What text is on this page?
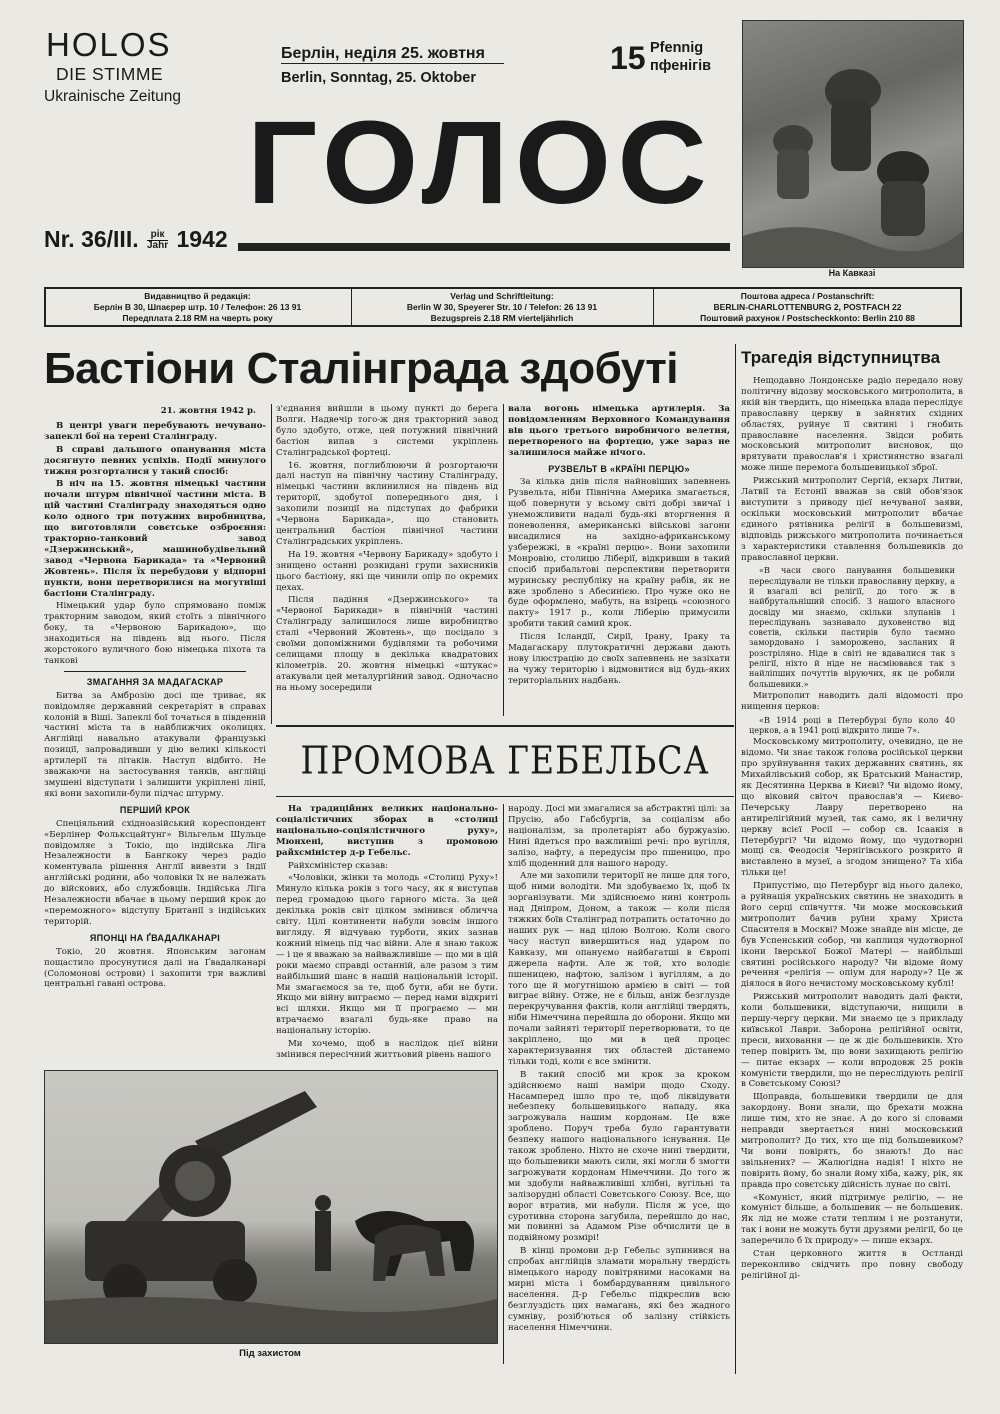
HOLOS
DIE STIMME
Ukrainische Zeitung
Берлін, неділя 25. жовтня
Berlin, Sonntag, 25. Oktober
15 Pfennig
пфенігів
ГОЛОС
Nr. 36/III.	рік
Jahr 1942
На Кавказі
Видавництво й редакція:
Берлін В 30, Шпаєрер штр. 10 / Телефон: 26 13 91
Передплата 2.18 RM на чверть року
Verlag und Schriftleitung:
Berlin W 30, Speyerer Str. 10 / Telefon: 26 13 91
Bezugspreis 2.18 RM vierteljährlich
Поштова адреса / Postanschrift:
BERLIN-CHARLOTTENBURG 2, POSTFACH 22
Поштовий рахунок / Postscheckkonto: Berlin 210 88
Бастіони Сталінграда здобуті
21. жовтня 1942 р.

В центрі уваги перебувають нечувано-запеклі бої на терені Сталінграду.

В справі дальшого опанування міста досягнуто певних успіхів. Події минулого тижня розгорталися у такий спосіб:

В ніч на 15. жовтня німецькі частини почали штурм північної частини міста. В цій частині Сталінграду знаходяться одно коло одного три потужних виробництва, що виготовляли совєтське озброєння: тракторно-танковий завод «Дзержинський», машинобудівельний завод «Червона Барикада» та «Червоний Жовтень». Після їх перебудови у відпорні пункти, вони перетворилися на могутніші бастіони Сталінграду.

Німецький удар було спрямовано поміж тракторним заводом, який стоїть з північного боку, та «Червоною Барикадою», що знаходиться на південь від нього. Після жорстокого вуличного бою німецька піхота та танкові

ЗМАГАННЯ ЗА МАДАГАСКАР

Битва за Амброзію досі ще триває, як повідомляє державний секретаріят в справах колоній в Віші. Запеклі бої точаться в південній частині міста та в найближчих околицях. Англійці навально атакували французькі позиції, запровадивши у дію великі кількості артилерії та літаків. Наступ відбито. Не зважаючи на застосування танків, англійці змушені відступати і залишити укріплені лінії, які вони захопили-були підчас штурму.

ПЕРШИЙ КРОК

Спеціяльний східноазійський кореспондент «Берлінер Фольксцайтунг» Вільгельм Шульце повідомляє з Токіо, що індійська Ліга Незалежности в Бангкоку через радіо коментувала рішення Англії вивезти з Індії англійські родини, або чоловіки їх не належать до війскових, або службовців. Індійська Ліга Незалежности вбачає в цьому перший крок до «переможного» відступу Британії з індійських територій.

ЯПОНЦІ НА ҐВАДАЛКАНАРІ

Токіо, 20 жовтня. Японським загонам пощастило просунутися далі на Ґвадалканарі (Соломонові острови) і захопити три важливі центральні гавані острова.

з'єднання вийшли в цьому пункті до берега Волги. Надвечір того-ж дня тракторний завод було здобуто, отже, цей потужний північний бастіон випав з системи укріплень Сталінградської фортеці.

16. жовтня, поглиблюючи й розгортаючи далі наступ на північну частину Сталінграду, німецькі частини вклинилися на південь від території, здобутої попереднього дня, і захопили позиції на підступах до фабрики «Червона Барикада», що становить центральний бастіон північної частини Сталінградських укріплень.

На 19. жовтня «Червону Барикаду» здобуто і знищено останні розкидані групи захисників цього бастіону, які ще чинили опір по окремих цехах.

Після падіння «Дзержинського» та «Червоної Барикади» в північній частині Сталінграду залишилося лише виробництво сталі «Червоний Жовтень», що посідало з своїми допоміжними будівлями та робочими селищами площу в декілька квадратових кілометрів. 20. жовтня німецькі «штукас» атакували цей металургійний завод. Одночасно на ньому зосередили

вала вогонь німецька артилерія. За повідомленням Верховного Командування вів цього третього виробничого велетня, перетвореного на фортецю, уже зараз не залишилося майже нічого.

РУЗВЕЛЬТ В «КРАЇНІ ПЕРЦЮ»

За кілька днів після найновіших запевнень Рузвельта, ніби Північна Америка змагається, щоб повернути у всьому світі добрі звичаї і унеможливити надалі будь-які вторгнення й поневолення, американські військові загони висадилися на західно-африканському узбережжі, в «країні перцю». Вони захопили Монровію, столицю Ліберії, відкривши в такий спосіб прибальтові перспективи перетворити муринську республіку на країну рабів, як не вже зроблено з Абесинією. Про чуже око не буде оформлено, мабуть, на взірець «союзного пакту» 1917 р., коли Ліберію примусили зробити такий самий крок.

Після Ісландії, Сирії, Ірану, Іраку та Мадагаскару плутократичні держави дають нову ілюстрацію до своїх запевнень не зазіхати на чужу територію і відмовитися від будь-яких територіальних надбань.

ПРОМОВА ГЕБЕЛЬСА

На традиційних великих національно-соціалістичних зборах в «столиці національно-соціялістичного руху», Мюнхені, виступив з промовою райхсміністер д-р Гебельс.

Райхсміністер сказав:

«Чоловіки, жінки та молодь «Столиці Руху»! Минуло кілька років з того часу, як я виступав перед громадою цього гарного міста. За цей декілька років світ цілком змінився обличча світу. Цілі континенти набули зовсім іншого вигляду. Я відчуваю турботи, яких зазнав кожний німець під час війни. Але я знаю також — і це я вважаю за найважливіше — що ми в цій роки маємо справді останній, але разом з тим найбільший шанс в нашій національній історії. Ми змагаємося за те, щоб бути, аби не бути. Якщо ми війну виграємо — перед нами відкриті всі шляхи. Якщо ми її програємо — ми втрачаємо взагалі будь-яке право на національну історію.

Ми хочемо, щоб в наслідок цієї війни змінився пересічний життьовий рівень нашого

народу. Досі ми змагалися за абстрактні цілі: за Прусію, або Габсбургів, за соціалізм або націоналізм, за пролетаріят або буржуазію. Нині йдеться про важливіші речі: про вугілля, залізо, нафту, а передусім про пшеницю, про хліб щоденний для нашого народу.

Але ми захопили території не лише для того, щоб ними володіти. Ми здобуваємо їх, щоб їх зорганізувати. Ми здійснюємо нині контроль над Дніпром, Доном, а також — коли після тяжких боїв Сталінград потрапить остаточно до наших рук — над цілою Волгою. Коли свого часу наступ вивершиться над ударом по Кавказу, ми опануємо найбагатші в Європі джерела нафти. Але ж той, хто володіє пшеницею, нафтою, залізом і вугіллям, а до того ще й могутнішою армією в світі — той виграє війну. Отже, не є більш, аніж безглузде перекручування фактів, коли англійці твердять, ніби Німеччина перейшла до оборони. Якщо ми почали зайняті території перетворювати, то це закріплено, що ми в цей процес характеризування тих областей дістанемо тільки тоді, коли є все змінити.

В такий спосіб ми крок за кроком здійснюємо наші наміри щодо Сходу. Насамперед ішло про те, щоб ліквідувати небезпеку большевицького нападу, яка загрожувала нашим кордонам. Це вже зроблено. Поруч треба було гарантувати безпеку нашого національного існування. Це також зроблено. Ніхто не схоче нині твердити, що большевики мають сили, які могли б змогти загрожувати кордонам Німеччини. До того ж ми здобули найважливіші хлібні, вугільні та залізорудні області Совєтського Союзу. Все, що ворог втратив, ми набули. Після ж усе, що суротивна сторона загубила, перейшло до нас, ми повинні за Адамом Різе обчислити це в подвійному розмірі!

В кінці промови д-р Гебельс зупинився на спробах англійців зламати моральну твердість німецького народу повітряними насоками на мирні міста і бомбардуванням цивільного населення. Д-р Гебельс підкреслив всю безглуздість цих намагань, які без жадного сумніву, розіб'ються об залізну стійкість населення Німеччини.

Трагедія відступництва

Нещодавно Лондонське радіо передало нову політичну відозву московського митрополита, в якій він твердить, що німецька влада переслідує православну церкву в зайнятих східних областях, руйнує її святині і гнобить православне населення. Звідси робить московський митрополит висновок, що врятувати православ'я і християнство взагалі може лише перемога большевицької зброї.

Рижський митрополит Сергій, екзарх Литви, Латвії та Естонії вважав за свій обов'язок виступити з приводу цієї нечуваної заяви, оскільки московський митрополит вбачає єдиного рятівника релігії в большевизмі, відповідь рижського митрополита починається з характеристики ставлення большевиків до православної церкви.

«В часи свого панування большевики переслідували не тільки православну церкву, а й взагалі всі релігії, до того ж в найбрутальніший спосіб. З нашого власного досвіду ми знаємо, скільки злупанів і переслідувань зазнавало духовенство від совєтів, скільки пастирів було таємно замордовано і заморожено, засланих й розстріляно. Ніде в світі не вдавалися так з релігії, ніхто й ніде не насміювався так з найліпших почуттів віруючих, як це робили большевики.»

Митрополит наводить далі відомості про нищення церков:

«В 1914 році в Петербурзі було коло 40 церков, а в 1941 році відкрито лише 7».

Московському митрополиту, очевидно, це не відомо. Чи знає також голова російської церкви про зруйнування таких державних святинь, як Михайлівський собор, як Братський Манастир, як Десятинна Церква в Києві? Чи відомо йому, що віковий світоч православ'я — Києво-Печерську Лавру перетворено на антирелігійний музей, так само, як і величну церкву всієї Росії — собор св. Ісаакія в Петербургі? Чи відомо йому, що чудотворні мощі св. Феодосія Чернігівського розкрито й виставлено в музеї, а згодом знищено? Та хіба тільки це!

Припустімо, що Петербург від нього далеко, а руйнація українських святинь не знаходить в його серці співчуття. Чи може московський митрополит бачив руїни храму Христа Спасителя в Москві? Може знайде він місце, де був Успенський собор, чи каплиця чудотворної ікони Іверської Божої Матері — найбільші святині російського народу? Чи відоме йому речення «релігія — опіум для народу»? Це ж діялося в його нечистому московському кублі!

Рижський митрополит наводить далі факти, коли большевики, відступаючи, нищили в першу-чергу церкви. Ми знаємо це з прикладу київської Лаври. Заборона релігійної освіти, преси, виховання — це ж діє большевиків. Хто тепер повірить їм, що вони захищають релігію — питає екзарх — коли впродовж 25 років комуністи твердили, що не переслідують релігії в Совєтському Союзі?

Щоправда, большевики твердили це для закордону. Вони знали, що брехати можна лише тим, хто не знає. А до кого зі словами неправди звертається нині московський митрополит? До тих, хто ще під большевиком? Чи вони повірять, бо знають! До нас звільнених? — Жалюгідна надія! І ніхто не повірить йому, бо знали йому хіба, кажу, рік, як правда про совєтську дійсність лунає по світі.

«Комуніст, який підтримує релігію, — не комуніст більше, а большевик — не большевик. Як лід не може стати теплим і не розтанути, так і вони не можуть бути друзями релігії, бо це заперечило б їх природу» — пише екзарх.

Стан церковного життя в Остланді переконливо свідчить про повну свободу релігійної ді-

Під захистом
